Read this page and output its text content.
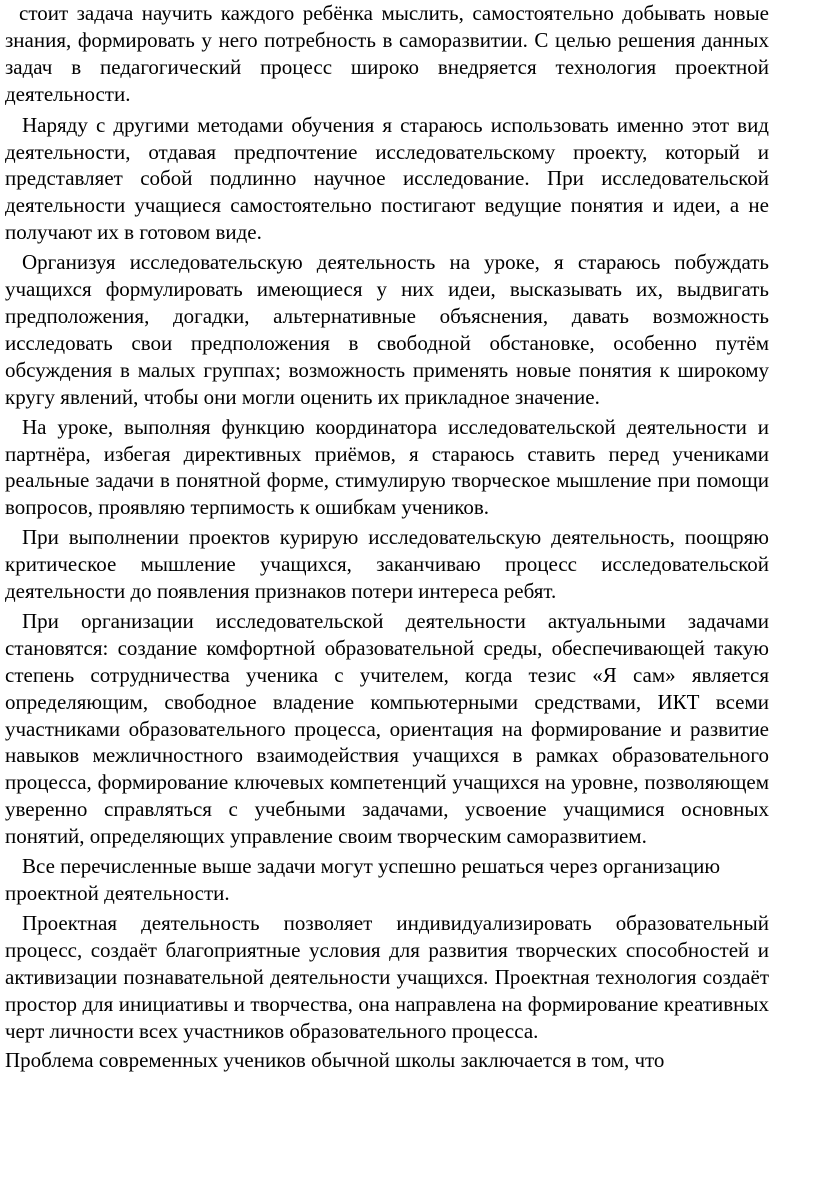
стоит задача научить каждого ребёнка мыслить, самостоятельно добывать новые знания, формировать у него потребность в саморазвитии. С целью решения данных задач в педагогический процесс широко внедряется технология проектной деятельности.

Наряду с другими методами обучения я стараюсь использовать именно этот вид деятельности, отдавая предпочтение исследовательскому проекту, который и представляет собой подлинно научное исследование. При исследовательской деятельности учащиеся самостоятельно постигают ведущие понятия и идеи, а не получают их в готовом виде.

Организуя исследовательскую деятельность на уроке, я стараюсь побуждать учащихся формулировать имеющиеся у них идеи, высказывать их, выдвигать предположения, догадки, альтернативные объяснения, давать возможность исследовать свои предположения в свободной обстановке, особенно путём обсуждения в малых группах; возможность применять новые понятия к широкому кругу явлений, чтобы они могли оценить их прикладное значение.

На уроке, выполняя функцию координатора исследовательской деятельности и партнёра, избегая директивных приёмов, я стараюсь ставить перед учениками реальные задачи в понятной форме, стимулирую творческое мышление при помощи вопросов, проявляю терпимость к ошибкам учеников.

При выполнении проектов курирую исследовательскую деятельность, поощряю критическое мышление учащихся, заканчиваю процесс исследовательской деятельности до появления признаков потери интереса ребят.

При организации исследовательской деятельности актуальными задачами становятся: создание комфортной образовательной среды, обеспечивающей такую степень сотрудничества ученика с учителем, когда тезис «Я сам» является определяющим, свободное владение компьютерными средствами, ИКТ всеми участниками образовательного процесса, ориентация на формирование и развитие навыков межличностного взаимодействия учащихся в рамках образовательного процесса, формирование ключевых компетенций учащихся на уровне, позволяющем уверенно справляться с учебными задачами, усвоение учащимися основных понятий, определяющих управление своим творческим саморазвитием.

Все перечисленные выше задачи могут успешно решаться через организацию проектной деятельности.

Проектная деятельность позволяет индивидуализировать образовательный процесс, создаёт благоприятные условия для развития творческих способностей и активизации познавательной деятельности учащихся. Проектная технология создаёт простор для инициативы и творчества, она направлена на формирование креативных черт личности всех участников образовательного процесса.

Проблема современных учеников обычной школы заключается в том, что
